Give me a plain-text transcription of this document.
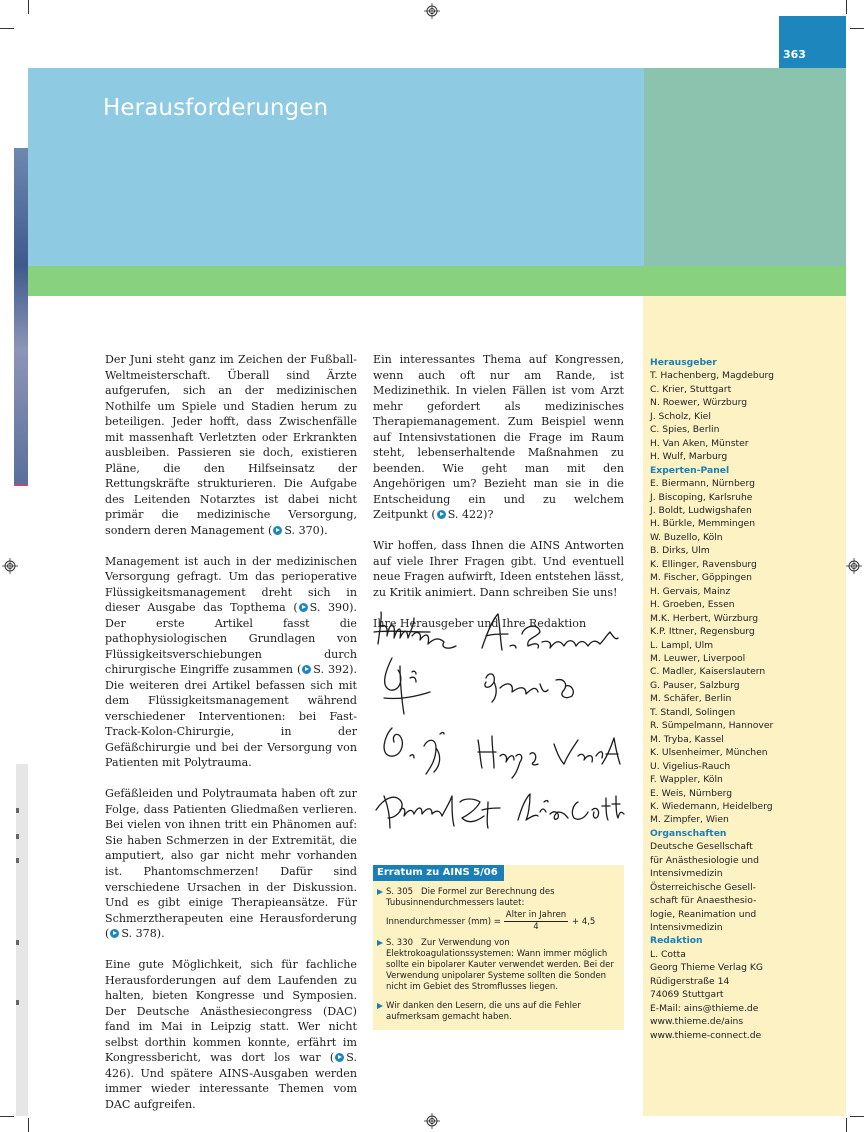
363
Herausforderungen
Herausgeber
T. Hachenberg, Magdeburg
C. Krier, Stuttgart
N. Roewer, Würzburg
J. Scholz, Kiel
C. Spies, Berlin
H. Van Aken, Münster
H. Wulf, Marburg
Experten-Panel
E. Biermann, Nürnberg
J. Biscoping, Karlsruhe
J. Boldt, Ludwigshafen
H. Bürkle, Memmingen
W. Buzello, Köln
B. Dirks, Ulm
K. Ellinger, Ravensburg
M. Fischer, Göppingen
H. Gervais, Mainz
H. Groeben, Essen
M.K. Herbert, Würzburg
K.P. Ittner, Regensburg
L. Lampl, Ulm
M. Leuwer, Liverpool
C. Madler, Kaiserslautern
G. Pauser, Salzburg
M. Schäfer, Berlin
T. Standl, Solingen
R. Sümpelmann, Hannover
M. Tryba, Kassel
K. Ulsenheimer, München
U. Vigelius-Rauch
F. Wappler, Köln
E. Weis, Nürnberg
K. Wiedemann, Heidelberg
M. Zimpfer, Wien
Organschaften
Deutsche Gesellschaft
für Anästhesiologie und
Intensivmedizin
Österreichische Gesell-
schaft für Anaesthesio-
logie, Reanimation und
Intensivmedizin
Redaktion
L. Cotta
Georg Thieme Verlag KG
Rüdigerstraße 14
74069 Stuttgart
E-Mail: ains@thieme.de
www.thieme.de/ains
www.thieme-connect.de

Der Juni steht ganz im Zeichen der Fußball-Weltmeisterschaft. Überall sind Ärzte aufgerufen, sich an der medizinischen Nothilfe um Spiele und Stadien herum zu beteiligen. Jeder hofft, dass Zwischenfälle mit massenhaft Verletzten oder Erkrankten ausbleiben. Passieren sie doch, existieren Pläne, die den Hilfseinsatz der Rettungskräfte strukturieren. Die Aufgabe des Leitenden Notarztes ist dabei nicht primär die medizinische Versorgung, sondern deren Management ( S. 370).

Management ist auch in der medizinischen Versorgung gefragt. Um das perioperative Flüssigkeitsmanagement dreht sich in dieser Ausgabe das Topthema ( S. 390). Der erste Artikel fasst die pathophysiologischen Grundlagen von Flüssigkeitsverschiebungen durch chirurgische Eingriffe zusammen ( S. 392). Die weiteren drei Artikel befassen sich mit dem Flüssigkeitsmanagement während verschiedener Interventionen: bei Fast-Track-Kolon-Chirurgie, in der Gefäßchirurgie und bei der Versorgung von Patienten mit Polytrauma.

Gefäßleiden und Polytraumata haben oft zur Folge, dass Patienten Gliedmaßen verlieren. Bei vielen von ihnen tritt ein Phänomen auf: Sie haben Schmerzen in der Extremität, die amputiert, also gar nicht mehr vorhanden ist. Phantomschmerzen! Dafür sind verschiedene Ursachen in der Diskussion. Und es gibt einige Therapieansätze. Für Schmerztherapeuten eine Herausforderung ( S. 378).

Eine gute Möglichkeit, sich für fachliche Herausforderungen auf dem Laufenden zu halten, bieten Kongresse und Symposien. Der Deutsche Anästhesiecongress (DAC) fand im Mai in Leipzig statt. Wer nicht selbst dorthin kommen konnte, erfährt im Kongressbericht, was dort los war ( S. 426). Und spätere AINS-Ausgaben werden immer wieder interessante Themen vom DAC aufgreifen.

Ein interessantes Thema auf Kongressen, wenn auch oft nur am Rande, ist Medizinethik. In vielen Fällen ist vom Arzt mehr gefordert als medizinisches Therapiemanagement. Zum Beispiel wenn auf Intensivstationen die Frage im Raum steht, lebenserhaltende Maßnahmen zu beenden. Wie geht man mit den Angehörigen um? Bezieht man sie in die Entscheidung ein und zu welchem Zeitpunkt ( S. 422)?

Wir hoffen, dass Ihnen die AINS Antworten auf viele Ihrer Fragen gibt. Und eventuell neue Fragen aufwirft, Ideen entstehen lässt, zu Kritik animiert. Dann schreiben Sie uns!

Ihre Herausgeber und Ihre Redaktion

Erratum zu AINS 5/06
S. 305 Die Formel zur Berechnung des Tubusinnendurchmessers lautet:
S. 330 Zur Verwendung von Elektrokoagulationssystemen: Wann immer möglich sollte ein bipolarer Kauter verwendet werden. Bei der Verwendung unipolarer Systeme sollten die Sonden nicht im Gebiet des Stromflusses liegen.
Wir danken den Lesern, die uns auf die Fehler aufmerksam gemacht haben.
Innendurchmesser (mm) =
Alter in Jahren
4	+ 4,5
